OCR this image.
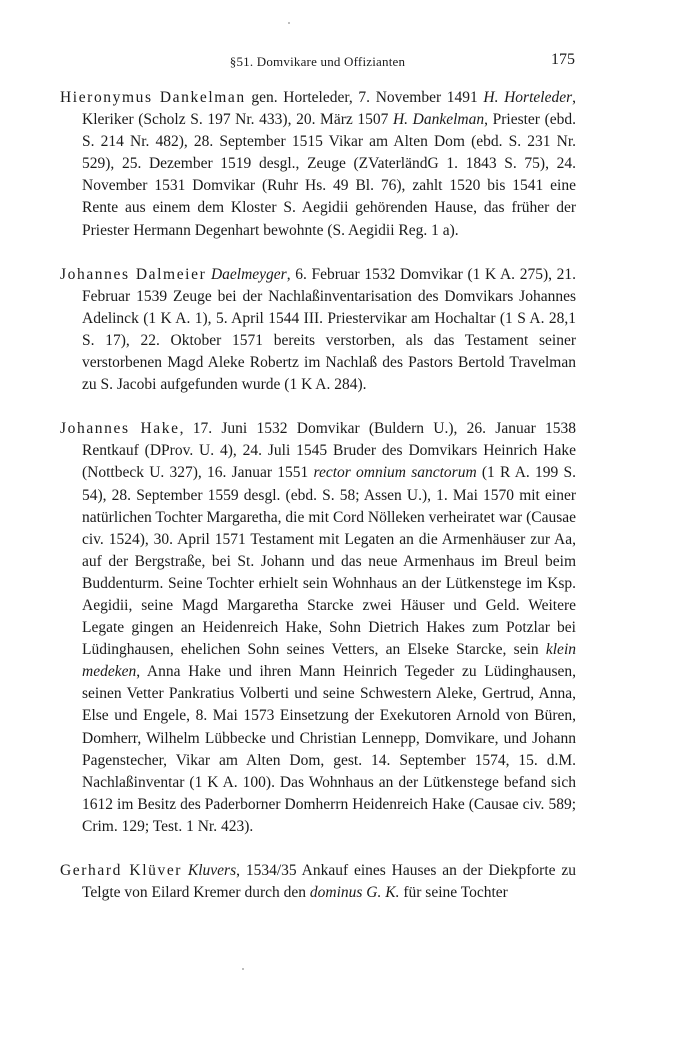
§51. Domvikare und Offizianten	175

Hieronymus Dankelman gen. Horteleder, 7. November 1491 H. Horteleder, Kleriker (Scholz S. 197 Nr. 433), 20. März 1507 H. Dankelman, Priester (ebd. S. 214 Nr. 482), 28. September 1515 Vikar am Alten Dom (ebd. S. 231 Nr. 529), 25. Dezember 1519 desgl., Zeuge (ZVaterländG 1. 1843 S. 75), 24. November 1531 Domvikar (Ruhr Hs. 49 Bl. 76), zahlt 1520 bis 1541 eine Rente aus einem dem Kloster S. Aegidii gehörenden Hause, das früher der Priester Hermann Degenhart bewohnte (S. Aegidii Reg. 1 a).

Johannes Dalmeier Daelmeyger, 6. Februar 1532 Domvikar (1 K A. 275), 21. Februar 1539 Zeuge bei der Nachlaßinventarisation des Domvikars Johannes Adelinck (1 K A. 1), 5. April 1544 III. Priestervikar am Hochaltar (1 S A. 28,1 S. 17), 22. Oktober 1571 bereits verstorben, als das Testament seiner verstorbenen Magd Aleke Robertz im Nachlaß des Pastors Bertold Travelman zu S. Jacobi aufgefunden wurde (1 K A. 284).

Johannes Hake, 17. Juni 1532 Domvikar (Buldern U.), 26. Januar 1538 Rentkauf (DProv. U. 4), 24. Juli 1545 Bruder des Domvikars Heinrich Hake (Nottbeck U. 327), 16. Januar 1551 rector omnium sanctorum (1 R A. 199 S. 54), 28. September 1559 desgl. (ebd. S. 58; Assen U.), 1. Mai 1570 mit einer natürlichen Tochter Margaretha, die mit Cord Nölleken verheiratet war (Causae civ. 1524), 30. April 1571 Testament mit Legaten an die Armenhäuser zur Aa, auf der Bergstraße, bei St. Johann und das neue Armenhaus im Breul beim Buddenturm. Seine Tochter erhielt sein Wohnhaus an der Lütkenstege im Ksp. Aegidii, seine Magd Margaretha Starcke zwei Häuser und Geld. Weitere Legate gingen an Heidenreich Hake, Sohn Dietrich Hakes zum Potzlar bei Lüdinghausen, ehelichen Sohn seines Vetters, an Elseke Starcke, sein klein medeken, Anna Hake und ihren Mann Heinrich Tegeder zu Lüdinghausen, seinen Vetter Pankratius Volberti und seine Schwestern Aleke, Gertrud, Anna, Else und Engele, 8. Mai 1573 Einsetzung der Exekutoren Arnold von Büren, Domherr, Wilhelm Lübbecke und Christian Lennepp, Domvikare, und Johann Pagenstecher, Vikar am Alten Dom, gest. 14. September 1574, 15. d.M. Nachlaßinventar (1 K A. 100). Das Wohnhaus an der Lütkenstege befand sich 1612 im Besitz des Paderborner Domherrn Heidenreich Hake (Causae civ. 589; Crim. 129; Test. 1 Nr. 423).

Gerhard Klüver Kluvers, 1534/35 Ankauf eines Hauses an der Diekpforte zu Telgte von Eilard Kremer durch den dominus G. K. für seine Tochter
